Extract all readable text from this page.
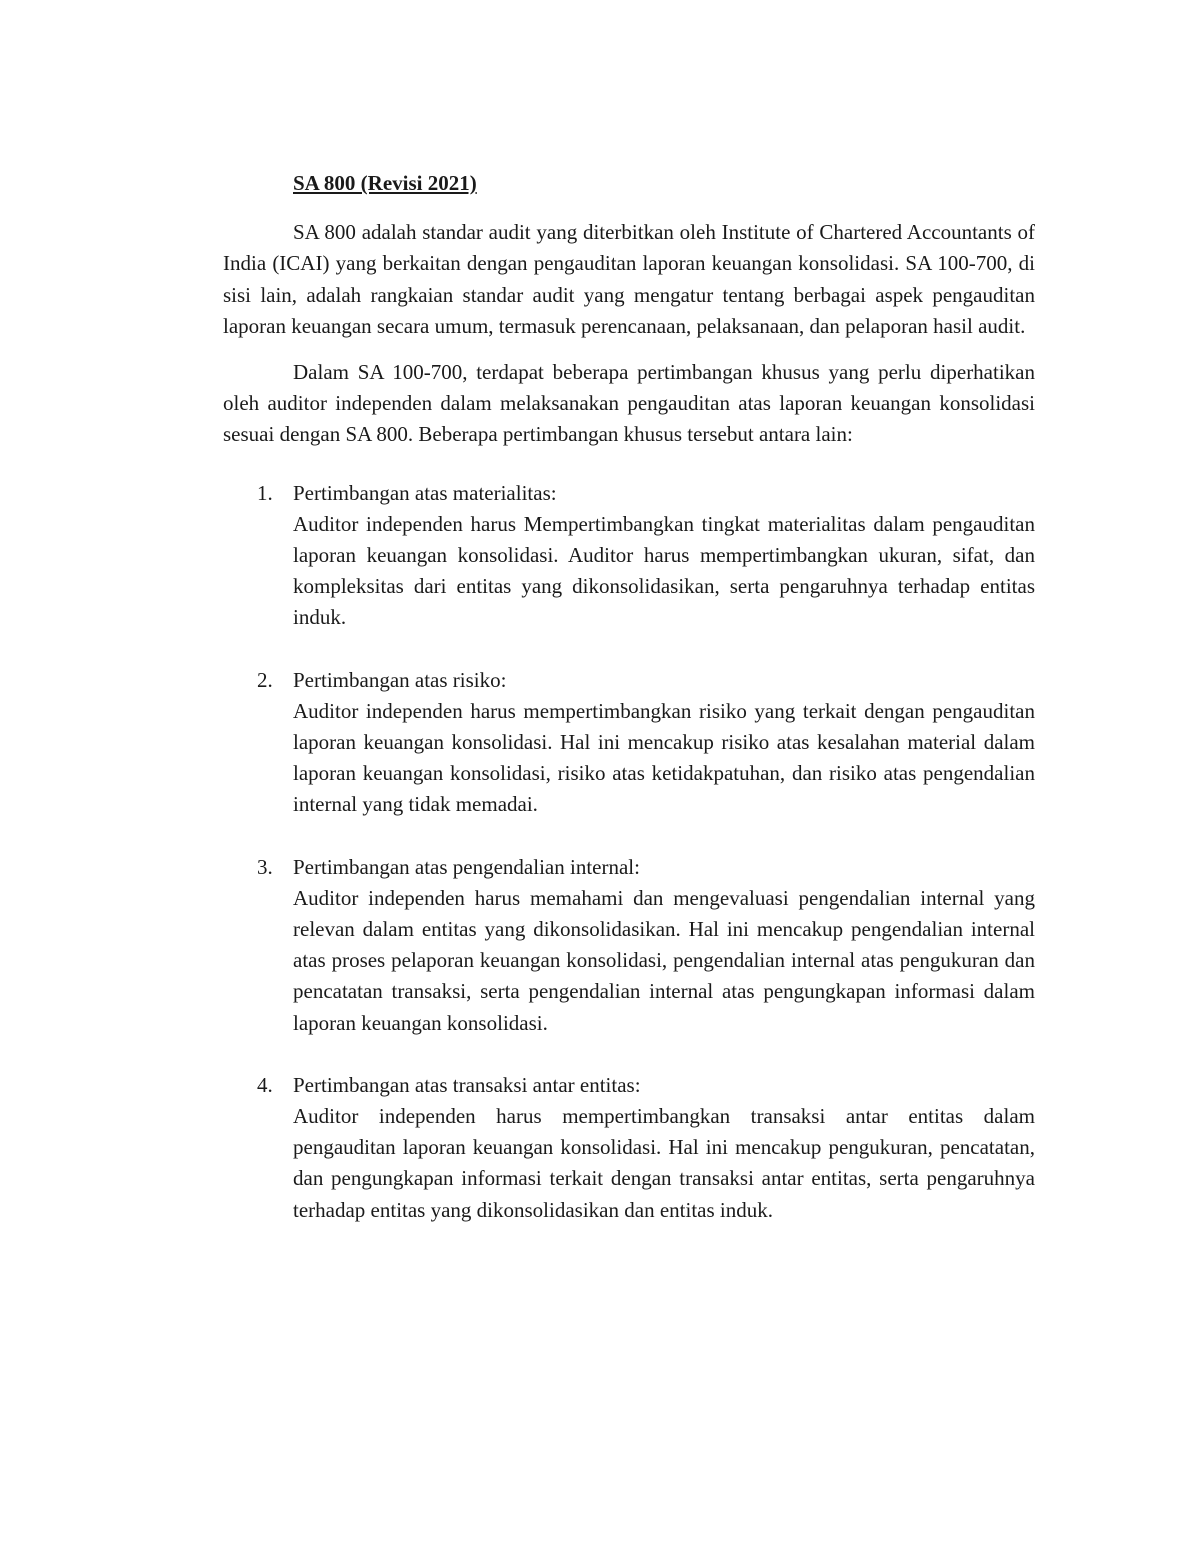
SA 800 (Revisi 2021)

SA 800 adalah standar audit yang diterbitkan oleh Institute of Chartered Accountants of India (ICAI) yang berkaitan dengan pengauditan laporan keuangan konsolidasi. SA 100-700, di sisi lain, adalah rangkaian standar audit yang mengatur tentang berbagai aspek pengauditan laporan keuangan secara umum, termasuk perencanaan, pelaksanaan, dan pelaporan hasil audit.

Dalam SA 100-700, terdapat beberapa pertimbangan khusus yang perlu diperhatikan oleh auditor independen dalam melaksanakan pengauditan atas laporan keuangan konsolidasi sesuai dengan SA 800. Beberapa pertimbangan khusus tersebut antara lain:

1. Pertimbangan atas materialitas:
Auditor independen harus Mempertimbangkan tingkat materialitas dalam pengauditan laporan keuangan konsolidasi. Auditor harus mempertimbangkan ukuran, sifat, dan kompleksitas dari entitas yang dikonsolidasikan, serta pengaruhnya terhadap entitas induk.
2. Pertimbangan atas risiko:
Auditor independen harus mempertimbangkan risiko yang terkait dengan pengauditan laporan keuangan konsolidasi. Hal ini mencakup risiko atas kesalahan material dalam laporan keuangan konsolidasi, risiko atas ketidakpatuhan, dan risiko atas pengendalian internal yang tidak memadai.
3. Pertimbangan atas pengendalian internal:
Auditor independen harus memahami dan mengevaluasi pengendalian internal yang relevan dalam entitas yang dikonsolidasikan. Hal ini mencakup pengendalian internal atas proses pelaporan keuangan konsolidasi, pengendalian internal atas pengukuran dan pencatatan transaksi, serta pengendalian internal atas pengungkapan informasi dalam laporan keuangan konsolidasi.
4. Pertimbangan atas transaksi antar entitas:
Auditor independen harus mempertimbangkan transaksi antar entitas dalam pengauditan laporan keuangan konsolidasi. Hal ini mencakup pengukuran, pencatatan, dan pengungkapan informasi terkait dengan transaksi antar entitas, serta pengaruhnya terhadap entitas yang dikonsolidasikan dan entitas induk.
